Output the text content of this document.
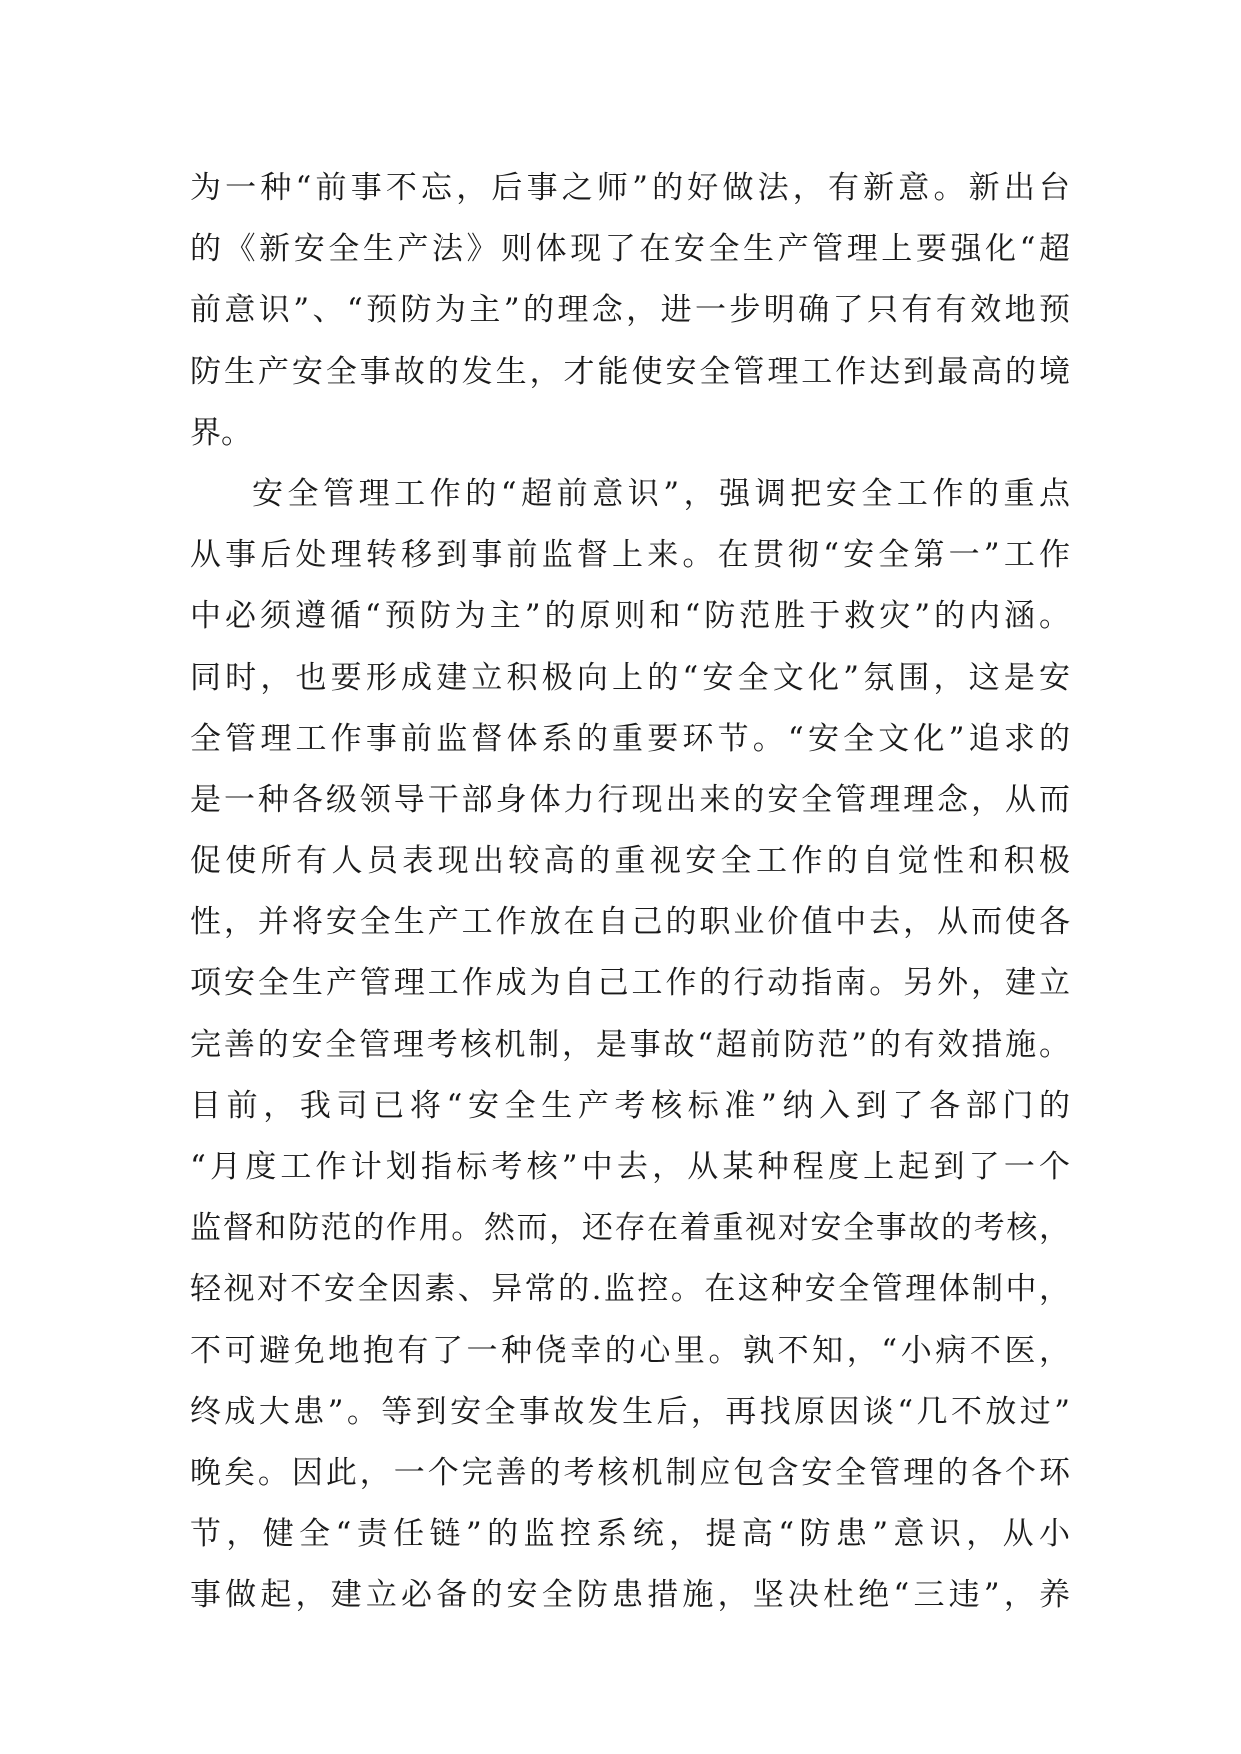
为一种“前事不忘，后事之师”的好做法，有新意。新出台
的《新安全生产法》则体现了在安全生产管理上要强化“超
前意识”、“预防为主”的理念，进一步明确了只有有效地预
防生产安全事故的发生，才能使安全管理工作达到最高的境
界。
安全管理工作的“超前意识”，强调把安全工作的重点
从事后处理转移到事前监督上来。在贯彻“安全第一”工作
中必须遵循“预防为主”的原则和“防范胜于救灾”的内涵。
同时，也要形成建立积极向上的“安全文化”氛围，这是安
全管理工作事前监督体系的重要环节。“安全文化”追求的
是一种各级领导干部身体力行现出来的安全管理理念，从而
促使所有人员表现出较高的重视安全工作的自觉性和积极
性，并将安全生产工作放在自己的职业价值中去，从而使各
项安全生产管理工作成为自己工作的行动指南。另外，建立
完善的安全管理考核机制，是事故“超前防范”的有效措施。
目前，我司已将“安全生产考核标准”纳入到了各部门的
“月度工作计划指标考核”中去，从某种程度上起到了一个
监督和防范的作用。然而，还存在着重视对安全事故的考核，
轻视对不安全因素、异常的.监控。在这种安全管理体制中，
不可避免地抱有了一种侥幸的心里。孰不知，“小病不医，
终成大患”。等到安全事故发生后，再找原因谈“几不放过”
晚矣。因此，一个完善的考核机制应包含安全管理的各个环
节，健全“责任链”的监控系统，提高“防患”意识，从小
事做起，建立必备的安全防患措施，坚决杜绝“三违”，养
